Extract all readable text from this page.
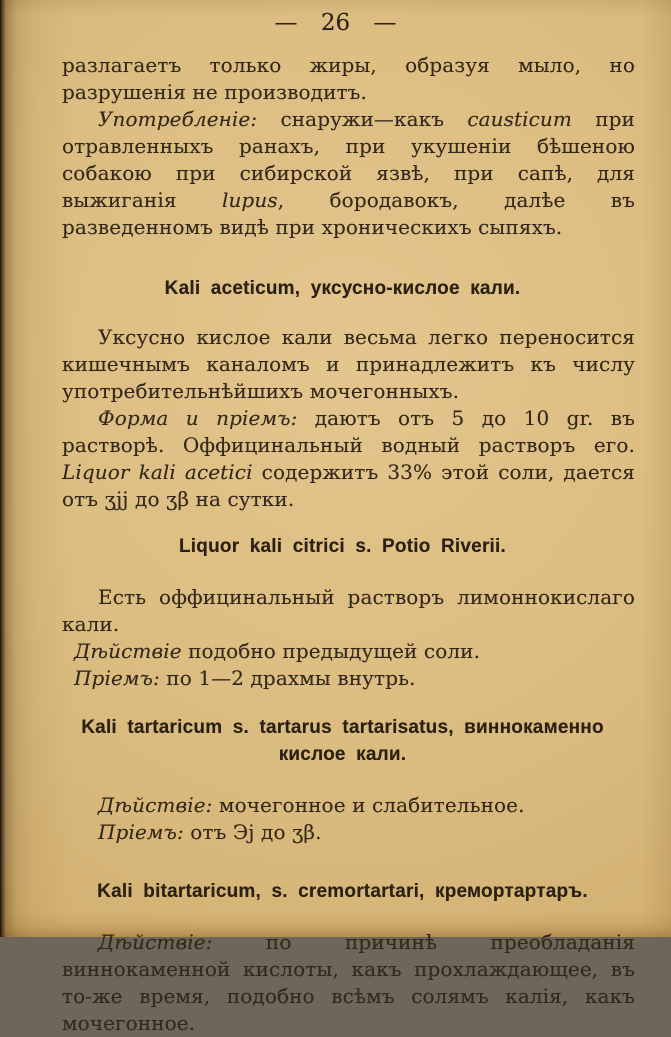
— 26 —

разлагаетъ только жиры, образуя мыло, но разрушенія не производитъ.

Употребленіе: снаружи—какъ causticum при отравленныхъ ранахъ, при укушеніи бѣшеною собакою при сибирской язвѣ, при сапѣ, для выжиганія lupus, бородавокъ, далѣе въ разведенномъ видѣ при хроническихъ сыпяхъ.

Kali aceticum, уксусно-кислое кали.

Уксусно кислое кали весьма легко переносится кишечнымъ каналомъ и принадлежитъ къ числу употребительнѣйшихъ мочегонныхъ.

Форма и пріемъ: даютъ отъ 5 до 10 gr. въ растворѣ. Оффицинальный водный растворъ его. Liquor kali acetici содержитъ 33% этой соли, дается отъ ʒjj до ʒβ на сутки.

Liquor kali citrici s. Potio Riverii.

Есть оффицинальный растворъ лимоннокислаго кали.

Дѣйствіе подобно предыдущей соли.

Пріемъ: по 1—2 драхмы внутрь.

Kali tartaricum s. tartarus tartarisatus, виннокаменно кислое кали.

Дѣйствіе: мочегонное и слабительное.

Пріемъ: отъ Эj до ʒβ.

Kali bitartaricum, s. cremortartari, кремортартаръ.

Дѣйствіе: по причинѣ преобладанія виннокаменной кислоты, какъ прохлаждающее, въ то-же время, подобно всѣмъ солямъ калія, какъ мочегонное.
